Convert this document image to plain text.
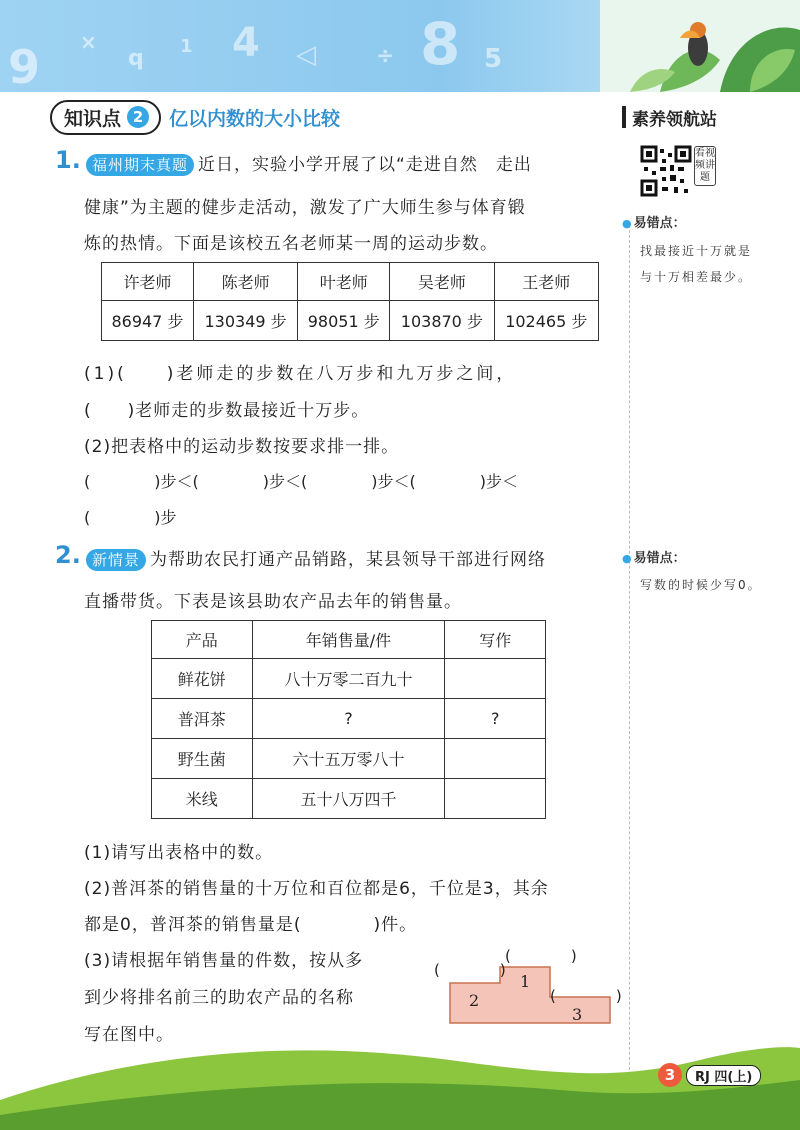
9 ×
q 1 4 ◁	÷ 8 5
知识点 2	亿以内数的大小比较	素养领航站
看视频讲题
● 易错点：
找最接近十万就是与十万相差最少。
● 易错点：
写数的时候少写0。
1. 福州期末真题 近日，实验小学开展了以“走进自然　走出
健康”为主题的健步走活动，激发了广大师生参与体育锻
炼的热情。下面是该校五名老师某一周的运动步数。
许老师	陈老师	叶老师	吴老师	王老师
86947 步	130349 步	98051 步	103870 步	102465 步
(1)(　　)老师走的步数在八万步和九万步之间，
(　　)老师走的步数最接近十万步。
(2)把表格中的运动步数按要求排一排。
(　　　　)步＜(　　　　)步＜(　　　　)步＜(　　　　)步＜
(　　　　)步
2. 新情景 为帮助农民打通产品销路，某县领导干部进行网络
直播带货。下表是该县助农产品去年的销售量。
产品	年销售量/件	写作
鲜花饼	八十万零二百九十	
普洱茶	?	?
野生菌	六十五万零八十	
米线	五十八万四千	
(1)请写出表格中的数。
(2)普洱茶的销售量的十万位和百位都是6，千位是3，其余
都是0，普洱茶的销售量是(　　　　)件。
(3)请根据年销售量的件数，按从多
到少将排名前三的助农产品的名称
写在图中。
(　　　　)
1
(　　　　)
2	(　　　　)
3
3	RJ 四(上)
